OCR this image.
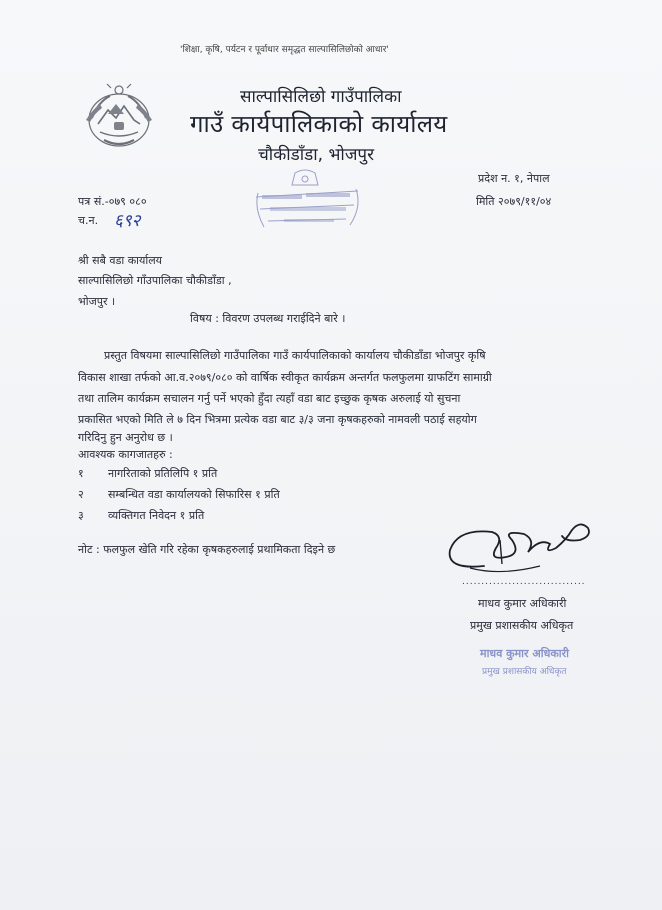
'शिक्षा, कृषि, पर्यटन र पूर्वाधार समृद्धत साल्पासिलिछोको आधार'
साल्पासिलिछो गाउँपालिका
गाउँ कार्यपालिकाको कार्यालय
चौकीडाँडा, भोजपुर
प्रदेश न. १, नेपाल
मिति २०७९/११/०४
पत्र सं.-०७९ ०८०
च.न. ६९२
श्री सबै वडा कार्यालय
साल्पासिलिछो गाँउपालिका चौकीडाँडा ,
भोजपुर ।
विषय : विवरण उपलब्ध गराईदिने बारे ।
प्रस्तुत विषयमा साल्पासिलिछो गाउँपालिका गाउँ कार्यपालिकाको कार्यालय चौकीडाँडा भोजपुर कृषि
विकास शाखा तर्फको आ.व.२०७९/०८० को वार्षिक स्वीकृत कार्यक्रम अन्तर्गत फलफुलमा ग्राफटिंग सामाग्री
तथा तालिम कार्यक्रम सचालन गर्नु पर्ने भएको हुँदा त्यहाँ वडा बाट इच्छुक कृषक अरुलाई यो सुचना
प्रकासित भएको मिति ले ७ दिन भित्रमा प्रत्येक वडा बाट ३/३ जना कृषकहरुको नामवली पठाई सहयोग
गरिदिनु हुन अनुरोध छ ।
आवश्यक कागजातहरु :
१ नागरिताको प्रतिलिपि १ प्रति
२ सम्बन्धित वडा कार्यालयको सिफारिस १ प्रति
३ व्यक्तिगत निवेदन १ प्रति
नोट : फलफुल खेति गरि रहेका कृषकहरुलाई प्रथामिकता दिइने छ
................................
माधव कुमार अधिकारी
प्रमुख प्रशासकीय अधिकृत
माधव कुमार अधिकारी
प्रमुख प्रशासकीय अधिकृत
